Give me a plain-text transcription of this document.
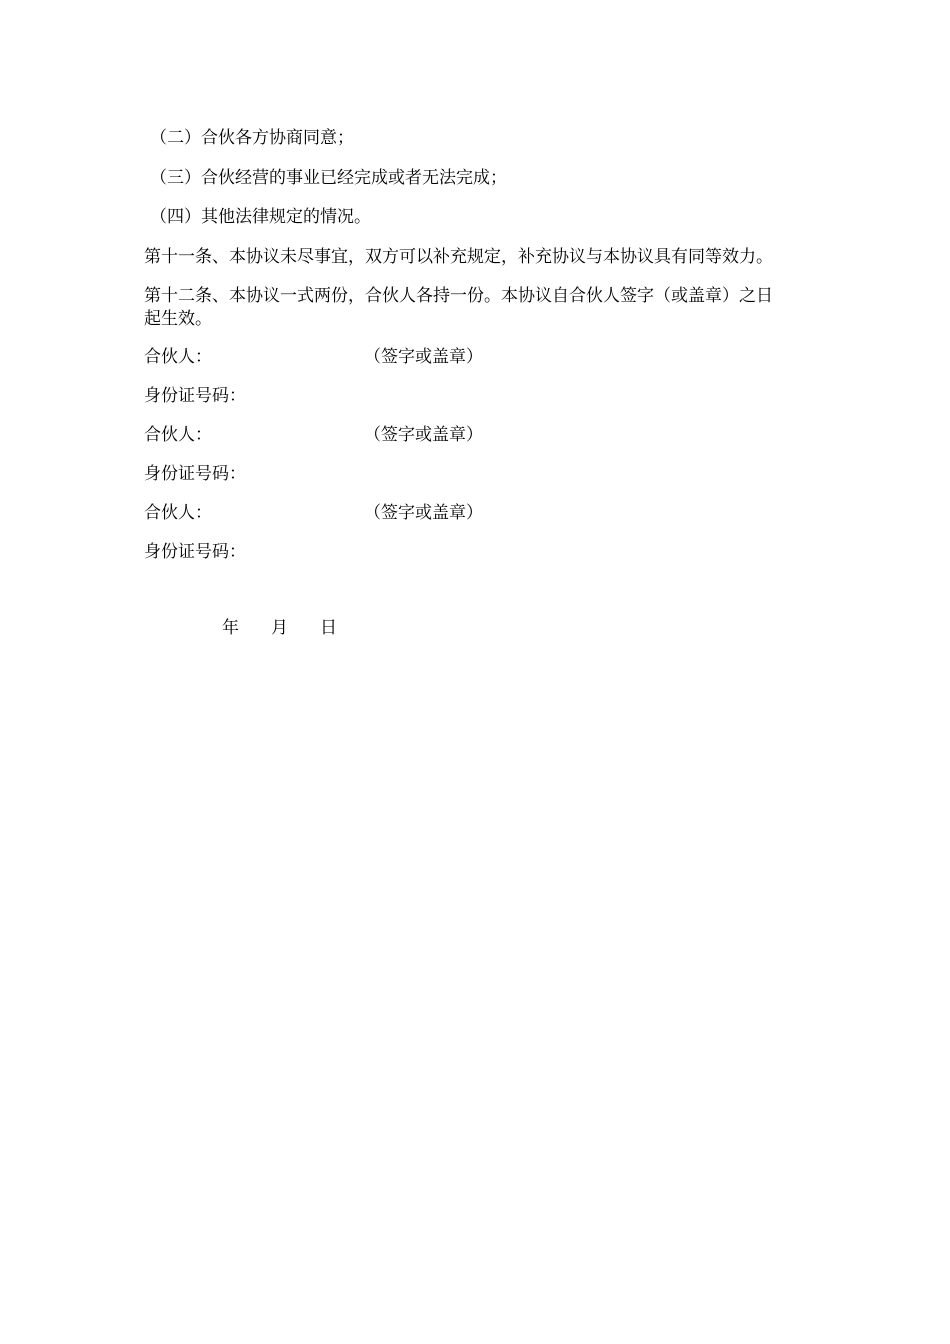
（二）合伙各方协商同意；
（三）合伙经营的事业已经完成或者无法完成；
（四）其他法律规定的情况。
第十一条、本协议未尽事宜，双方可以补充规定，补充协议与本协议具有同等效力。
第十二条、本协议一式两份，合伙人各持一份。本协议自合伙人签字（或盖章）之日
起生效。
合伙人：	（签字或盖章）
身份证号码：
合伙人：	（签字或盖章）
身份证号码：
合伙人：	（签字或盖章）
身份证号码：
年 月 日
